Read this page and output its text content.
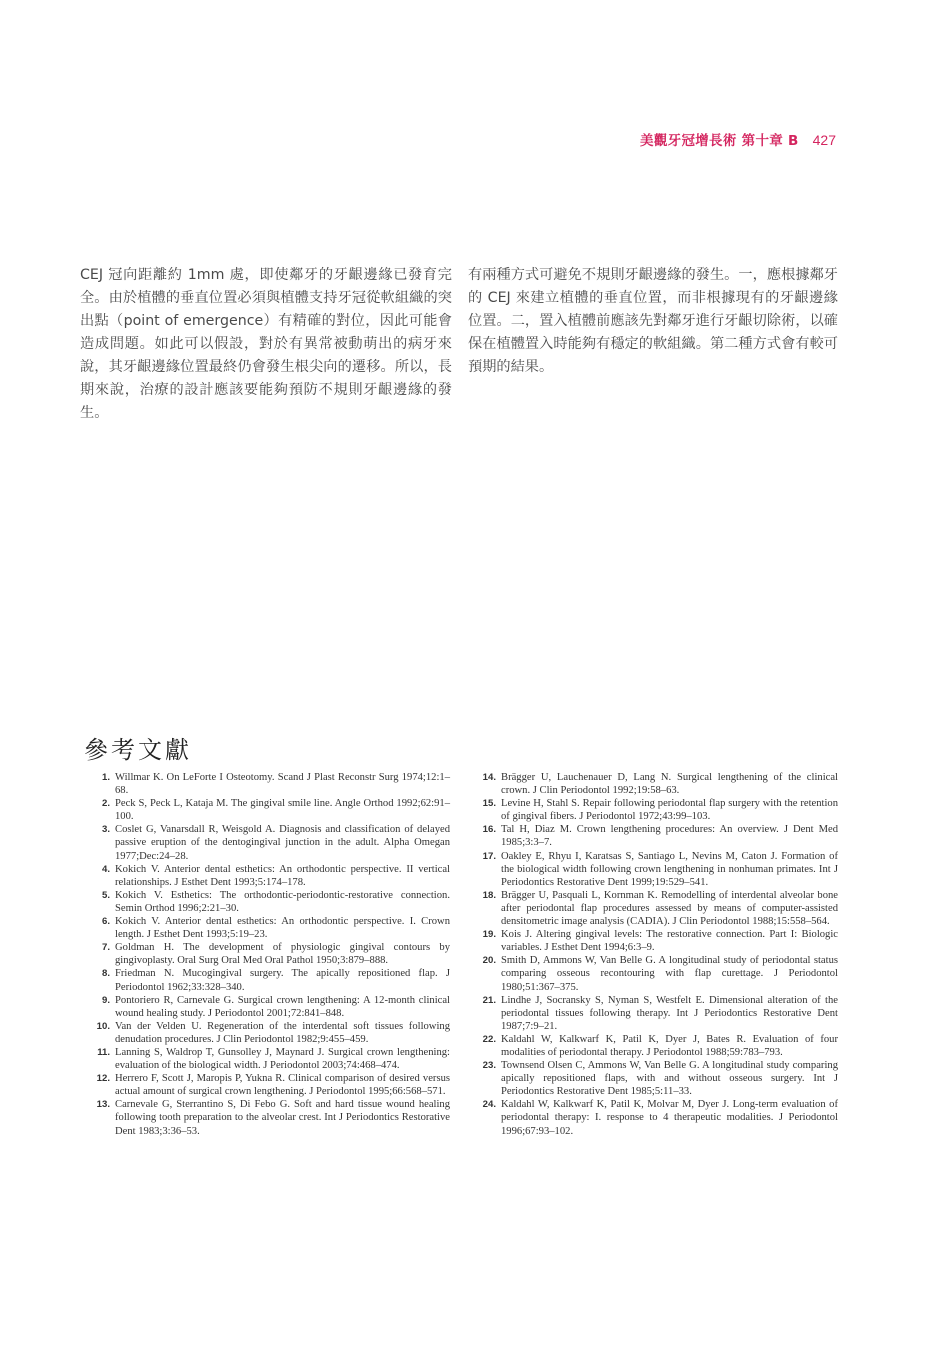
美觀牙冠增長術 第十章 B 427
CEJ 冠向距離約 1mm 處，即使鄰牙的牙齦邊緣已發育完全。由於植體的垂直位置必須與植體支持牙冠從軟組織的突出點（point of emergence）有精確的對位，因此可能會造成問題。如此可以假設，對於有異常被動萌出的病牙來說，其牙齦邊緣位置最終仍會發生根尖向的遷移。所以，長期來說，治療的設計應該要能夠預防不規則牙齦邊緣的發生。
有兩種方式可避免不規則牙齦邊緣的發生。一，應根據鄰牙的 CEJ 來建立植體的垂直位置，而非根據現有的牙齦邊緣位置。二，置入植體前應該先對鄰牙進行牙齦切除術，以確保在植體置入時能夠有穩定的軟組織。第二種方式會有較可預期的結果。
參考文獻
1. Willmar K. On LeForte I Osteotomy. Scand J Plast Reconstr Surg 1974;12:1–68.
2. Peck S, Peck L, Kataja M. The gingival smile line. Angle Orthod 1992;62:91–100.
3. Coslet G, Vanarsdall R, Weisgold A. Diagnosis and classification of delayed passive eruption of the dentogingival junction in the adult. Alpha Omegan 1977;Dec:24–28.
4. Kokich V. Anterior dental esthetics: An orthodontic perspective. II vertical relationships. J Esthet Dent 1993;5:174–178.
5. Kokich V. Esthetics: The orthodontic-periodontic-restorative connection. Semin Orthod 1996;2:21–30.
6. Kokich V. Anterior dental esthetics: An orthodontic perspective. I. Crown length. J Esthet Dent 1993;5:19–23.
7. Goldman H. The development of physiologic gingival contours by gingivoplasty. Oral Surg Oral Med Oral Pathol 1950;3:879–888.
8. Friedman N. Mucogingival surgery. The apically repositioned flap. J Periodontol 1962;33:328–340.
9. Pontoriero R, Carnevale G. Surgical crown lengthening: A 12-month clinical wound healing study. J Periodontol 2001;72:841–848.
10. Van der Velden U. Regeneration of the interdental soft tissues following denudation procedures. J Clin Periodontol 1982;9:455–459.
11. Lanning S, Waldrop T, Gunsolley J, Maynard J. Surgical crown lengthening: evaluation of the biological width. J Periodontol 2003;74:468–474.
12. Herrero F, Scott J, Maropis P, Yukna R. Clinical comparison of desired versus actual amount of surgical crown lengthening. J Periodontol 1995;66:568–571.
13. Carnevale G, Sterrantino S, Di Febo G. Soft and hard tissue wound healing following tooth preparation to the alveolar crest. Int J Periodontics Restorative Dent 1983;3:36–53.
14. Brägger U, Lauchenauer D, Lang N. Surgical lengthening of the clinical crown. J Clin Periodontol 1992;19:58–63.
15. Levine H, Stahl S. Repair following periodontal flap surgery with the retention of gingival fibers. J Periodontol 1972;43:99–103.
16. Tal H, Diaz M. Crown lengthening procedures: An overview. J Dent Med 1985;3:3–7.
17. Oakley E, Rhyu I, Karatsas S, Santiago L, Nevins M, Caton J. Formation of the biological width following crown lengthening in nonhuman primates. Int J Periodontics Restorative Dent 1999;19:529–541.
18. Brägger U, Pasquali L, Kornman K. Remodelling of interdental alveolar bone after periodontal flap procedures assessed by means of computer-assisted densitometric image analysis (CADIA). J Clin Periodontol 1988;15:558–564.
19. Kois J. Altering gingival levels: The restorative connection. Part I: Biologic variables. J Esthet Dent 1994;6:3–9.
20. Smith D, Ammons W, Van Belle G. A longitudinal study of periodontal status comparing osseous recontouring with flap curettage. J Periodontol 1980;51:367–375.
21. Lindhe J, Socransky S, Nyman S, Westfelt E. Dimensional alteration of the periodontal tissues following therapy. Int J Periodontics Restorative Dent 1987;7:9–21.
22. Kaldahl W, Kalkwarf K, Patil K, Dyer J, Bates R. Evaluation of four modalities of periodontal therapy. J Periodontol 1988;59:783–793.
23. Townsend Olsen C, Ammons W, Van Belle G. A longitudinal study comparing apically repositioned flaps, with and without osseous surgery. Int J Periodontics Restorative Dent 1985;5:11–33.
24. Kaldahl W, Kalkwarf K, Patil K, Molvar M, Dyer J. Long-term evaluation of periodontal therapy: I. response to 4 therapeutic modalities. J Periodontol 1996;67:93–102.
